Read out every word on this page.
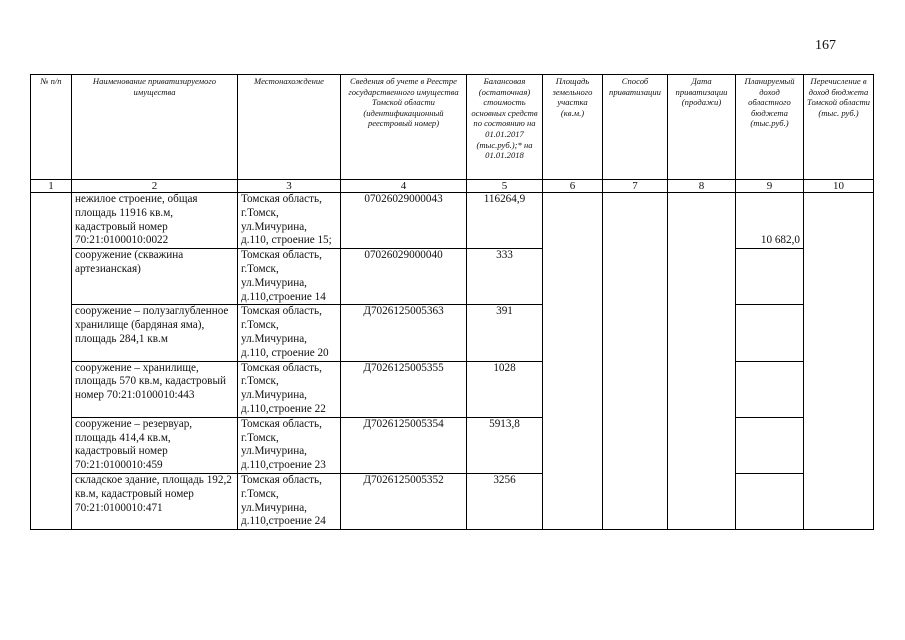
167
№ п/п	Наименование приватизируемого имущества	Местонахождение	Сведения об учете в Реестре государственного имущества Томской области (идентификационный реестровый номер)	Балансовая (остаточная) стоимость основных средств по состоянию на 01.01.2017 (тыс.руб.);* на 01.01.2018	Площадь земельного участка (кв.м.)	Способ приватизации	Дата приватизации (продажи)	Планируемый доход областного бюджета (тыс.руб.)	Перечисление в доход бюджета Томской области (тыс. руб.)
1	2	3	4	5	6	7	8	9	10
	нежилое строение, общая площадь 11916 кв.м, кадастровый номер 70:21:0100010:0022	Томская область, г.Томск, ул.Мичурина, д.110, строение 15;	07026029000043	116264,9				10 682,0	

	сооружение (скважина артезианская)	Томская область, г.Томск, ул.Мичурина, д.110,строение 14	07026029000040	333					
	сооружение – полузаглубленное хранилище (бардяная яма), площадь 284,1 кв.м	Томская область, г.Томск, ул.Мичурина, д.110, строение 20	Д7026125005363	391					
	сооружение – хранилище, площадь 570 кв.м, кадастровый номер 70:21:0100010:443	Томская область, г.Томск, ул.Мичурина, д.110,строение 22	Д7026125005355	1028					
	сооружение – резервуар, площадь 414,4 кв.м, кадастровый номер 70:21:0100010:459	Томская область, г.Томск, ул.Мичурина, д.110,строение 23	Д7026125005354	5913,8					
	складское здание, площадь 192,2 кв.м, кадастровый номер 70:21:0100010:471	Томская область, г.Томск, ул.Мичурина, д.110,строение 24	Д7026125005352	3256					
